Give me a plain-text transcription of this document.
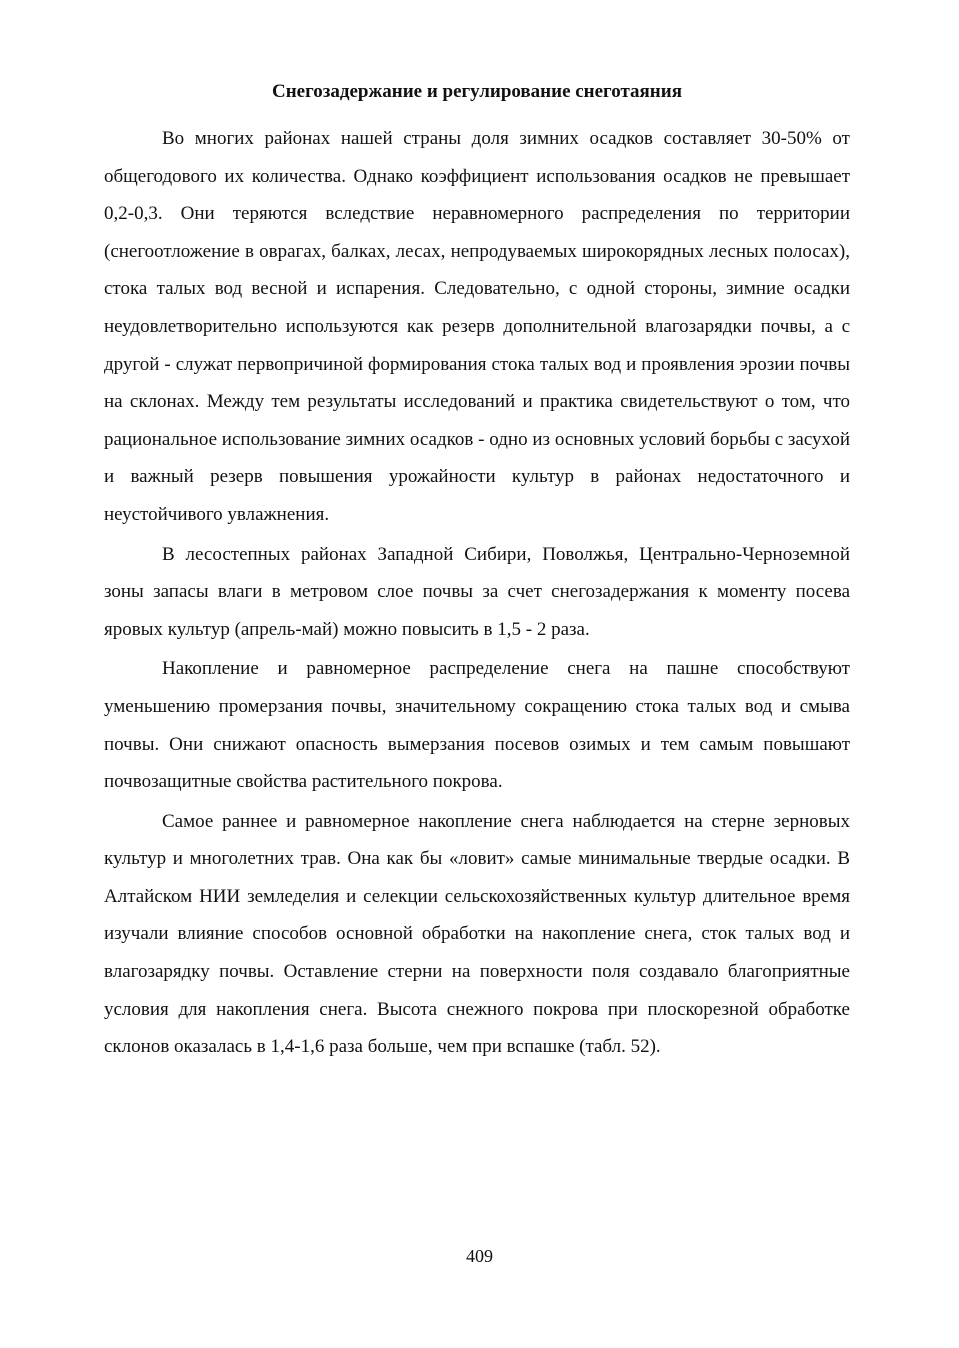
Снегозадержание и регулирование снеготаяния

Во многих районах нашей страны доля зимних осадков составляет 30-50% от общегодового их количества. Однако коэффициент использования осадков не превышает 0,2-0,3. Они теряются вследствие неравномерного распределения по территории (снегоотложение в оврагах, балках, лесах, непродуваемых широкорядных лесных полосах), стока талых вод весной и испарения. Следовательно, с одной стороны, зимние осадки неудовлетворительно используются как резерв дополнительной влагозарядки почвы, а с другой - служат первопричиной формирования стока талых вод и проявления эрозии почвы на склонах. Между тем результаты исследований и практика свидетельствуют о том, что рациональное использование зимних осадков - одно из основных условий борьбы с засухой и важный резерв повышения урожайности культур в районах недостаточного и неустойчивого увлажнения.

В лесостепных районах Западной Сибири, Поволжья, Центрально-Черноземной зоны запасы влаги в метровом слое почвы за счет снегозадержания к моменту посева яровых культур (апрель-май) можно повысить в 1,5 - 2 раза.

Накопление и равномерное распределение снега на пашне способствуют уменьшению промерзания почвы, значительному сокращению стока талых вод и смыва почвы. Они снижают опасность вымерзания посевов озимых и тем самым повышают почвозащитные свойства растительного покрова.

Самое раннее и равномерное накопление снега наблюдается на стерне зерновых культур и многолетних трав. Она как бы «ловит» самые минимальные твердые осадки. В Алтайском НИИ земледелия и селекции сельскохозяйственных культур длительное время изучали влияние способов основной обработки на накопление снега, сток талых вод и влагозарядку почвы. Оставление стерни на поверхности поля создавало благоприятные условия для накопления снега. Высота снежного покрова при плоскорезной обработке склонов оказалась в 1,4-1,6 раза больше, чем при вспашке (табл. 52).

409
